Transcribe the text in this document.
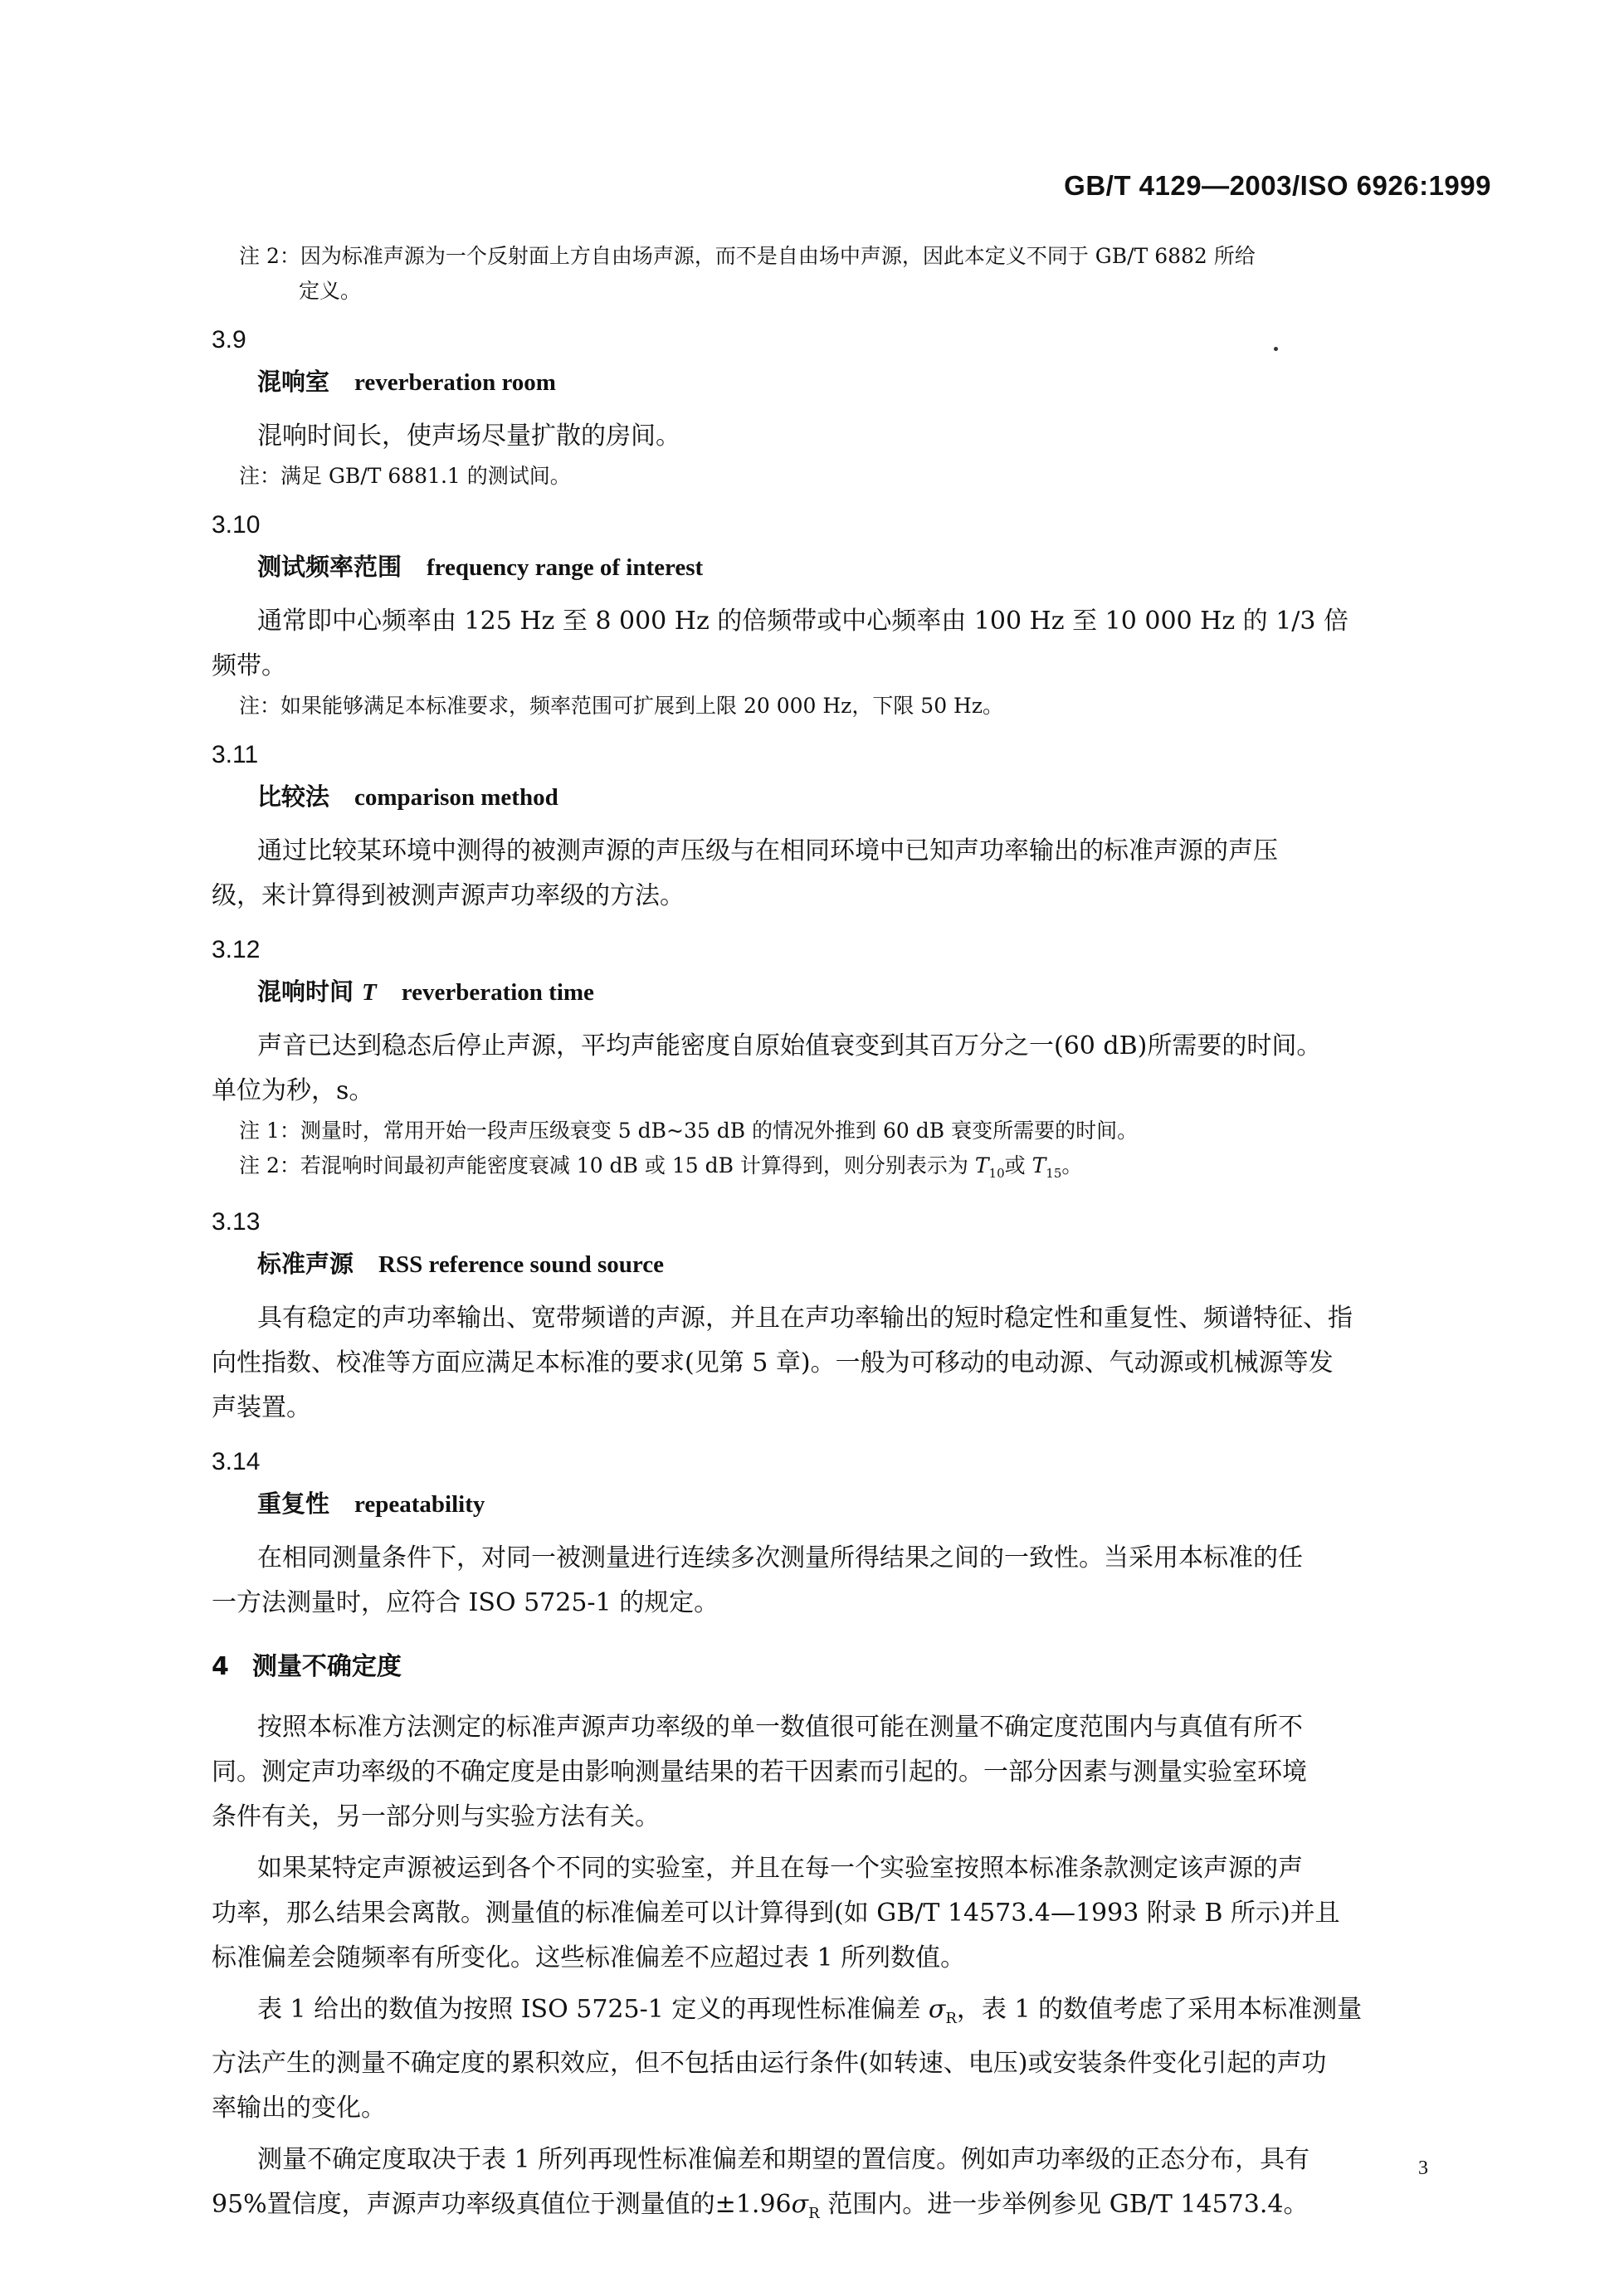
GB/T 4129—2003/ISO 6926:1999
注 2：因为标准声源为一个反射面上方自由场声源，而不是自由场中声源，因此本定义不同于 GB/T 6882 所给
定义。
3.9
混响室 reverberation room

混响时间长，使声场尽量扩散的房间。

注：满足 GB/T 6881.1 的测试间。
3.10
测试频率范围 frequency range of interest

通常即中心频率由 125 Hz 至 8 000 Hz 的倍频带或中心频率由 100 Hz 至 10 000 Hz 的 1/3 倍

频带。

注：如果能够满足本标准要求，频率范围可扩展到上限 20 000 Hz，下限 50 Hz。
3.11
比较法 comparison method

通过比较某环境中测得的被测声源的声压级与在相同环境中已知声功率输出的标准声源的声压

级，来计算得到被测声源声功率级的方法。

3.12
混响时间 T reverberation time

声音已达到稳态后停止声源，平均声能密度自原始值衰变到其百万分之一(60 dB)所需要的时间。

单位为秒，s。

注 1：测量时，常用开始一段声压级衰变 5 dB~35 dB 的情况外推到 60 dB 衰变所需要的时间。
注 2：若混响时间最初声能密度衰减 10 dB 或 15 dB 计算得到，则分别表示为 $T_{10}$或 $T_{15}$。
3.13
标准声源 RSS reference sound source

具有稳定的声功率输出、宽带频谱的声源，并且在声功率输出的短时稳定性和重复性、频谱特征、指

向性指数、校准等方面应满足本标准的要求(见第 5 章)。一般为可移动的电动源、气动源或机械源等发

声装置。

3.14
重复性 repeatability

在相同测量条件下，对同一被测量进行连续多次测量所得结果之间的一致性。当采用本标准的任

一方法测量时，应符合 ISO 5725-1 的规定。

4 测量不确定度

按照本标准方法测定的标准声源声功率级的单一数值很可能在测量不确定度范围内与真值有所不

同。测定声功率级的不确定度是由影响测量结果的若干因素而引起的。一部分因素与测量实验室环境

条件有关，另一部分则与实验方法有关。

如果某特定声源被运到各个不同的实验室，并且在每一个实验室按照本标准条款测定该声源的声

功率，那么结果会离散。测量值的标准偏差可以计算得到(如 GB/T 14573.4—1993 附录 B 所示)并且

标准偏差会随频率有所变化。这些标准偏差不应超过表 1 所列数值。

表 1 给出的数值为按照 ISO 5725-1 定义的再现性标准偏差 $\sigma_R$，表 1 的数值考虑了采用本标准测量

方法产生的测量不确定度的累积效应，但不包括由运行条件(如转速、电压)或安装条件变化引起的声功

率输出的变化。

测量不确定度取决于表 1 所列再现性标准偏差和期望的置信度。例如声功率级的正态分布，具有

95%置信度，声源声功率级真值位于测量值的$\pm 1.96\sigma_R$ 范围内。进一步举例参见 GB/T 14573.4。

3
